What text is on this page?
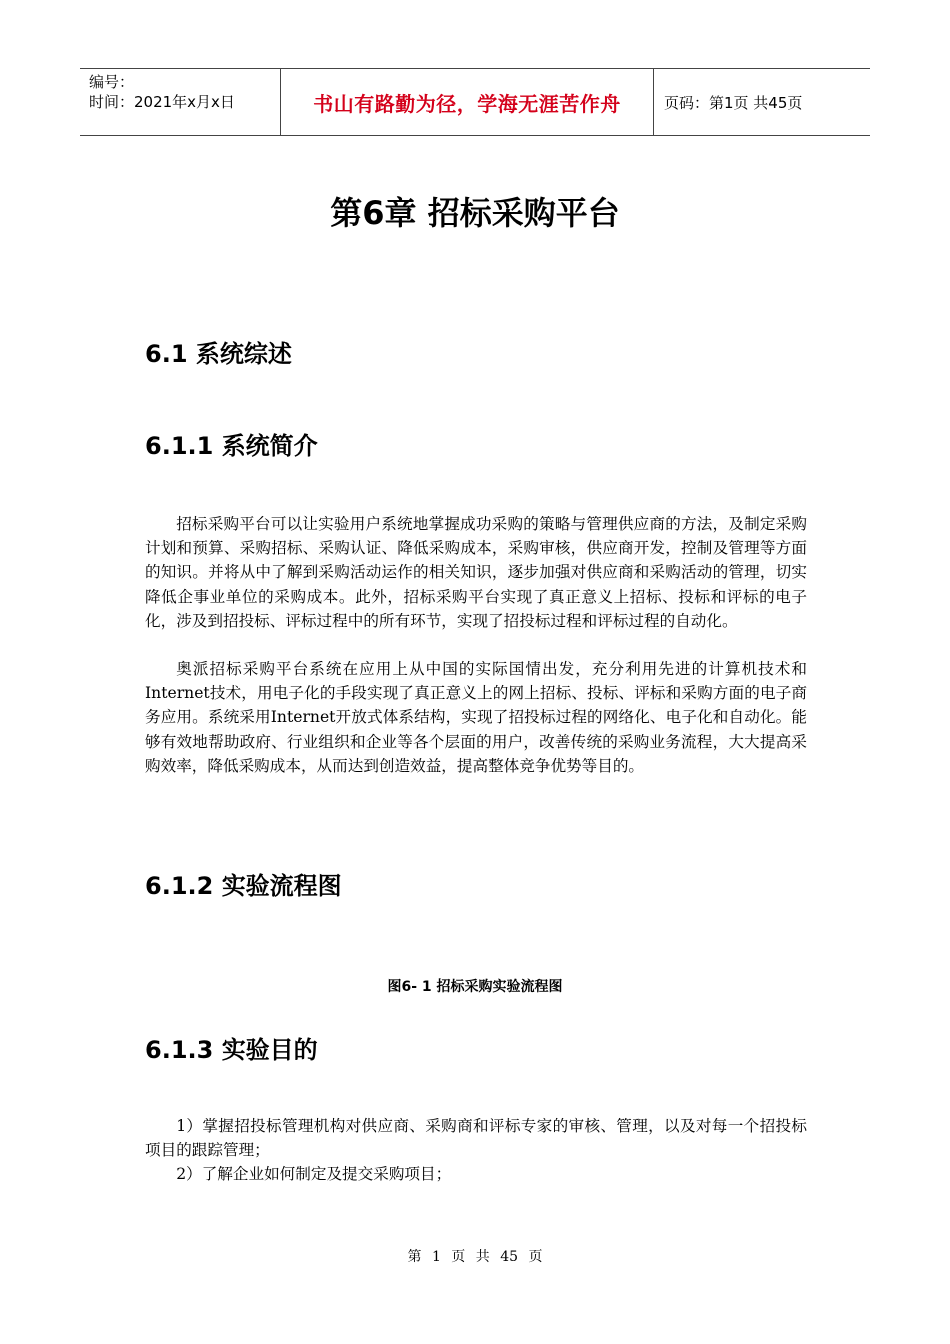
编号：
时间：2021年x月x日	书山有路勤为径，学海无涯苦作舟	页码：第1页 共45页
第6章 招标采购平台
6.1 系统综述
6.1.1 系统简介
招标采购平台可以让实验用户系统地掌握成功采购的策略与管理供应商的方法，及制定采购计划和预算、采购招标、采购认证、降低采购成本，采购审核，供应商开发，控制及管理等方面的知识。并将从中了解到采购活动运作的相关知识，逐步加强对供应商和采购活动的管理，切实降低企事业单位的采购成本。此外，招标采购平台实现了真正意义上招标、投标和评标的电子化，涉及到招投标、评标过程中的所有环节，实现了招投标过程和评标过程的自动化。
奥派招标采购平台系统在应用上从中国的实际国情出发，充分利用先进的计算机技术和Internet技术，用电子化的手段实现了真正意义上的网上招标、投标、评标和采购方面的电子商务应用。系统采用Internet开放式体系结构，实现了招投标过程的网络化、电子化和自动化。能够有效地帮助政府、行业组织和企业等各个层面的用户，改善传统的采购业务流程，大大提高采购效率，降低采购成本，从而达到创造效益，提高整体竞争优势等目的。
6.1.2 实验流程图
图6- 1 招标采购实验流程图
6.1.3 实验目的
1）掌握招投标管理机构对供应商、采购商和评标专家的审核、管理，以及对每一个招投标项目的跟踪管理；
2）了解企业如何制定及提交采购项目；
第 1 页 共 45 页
